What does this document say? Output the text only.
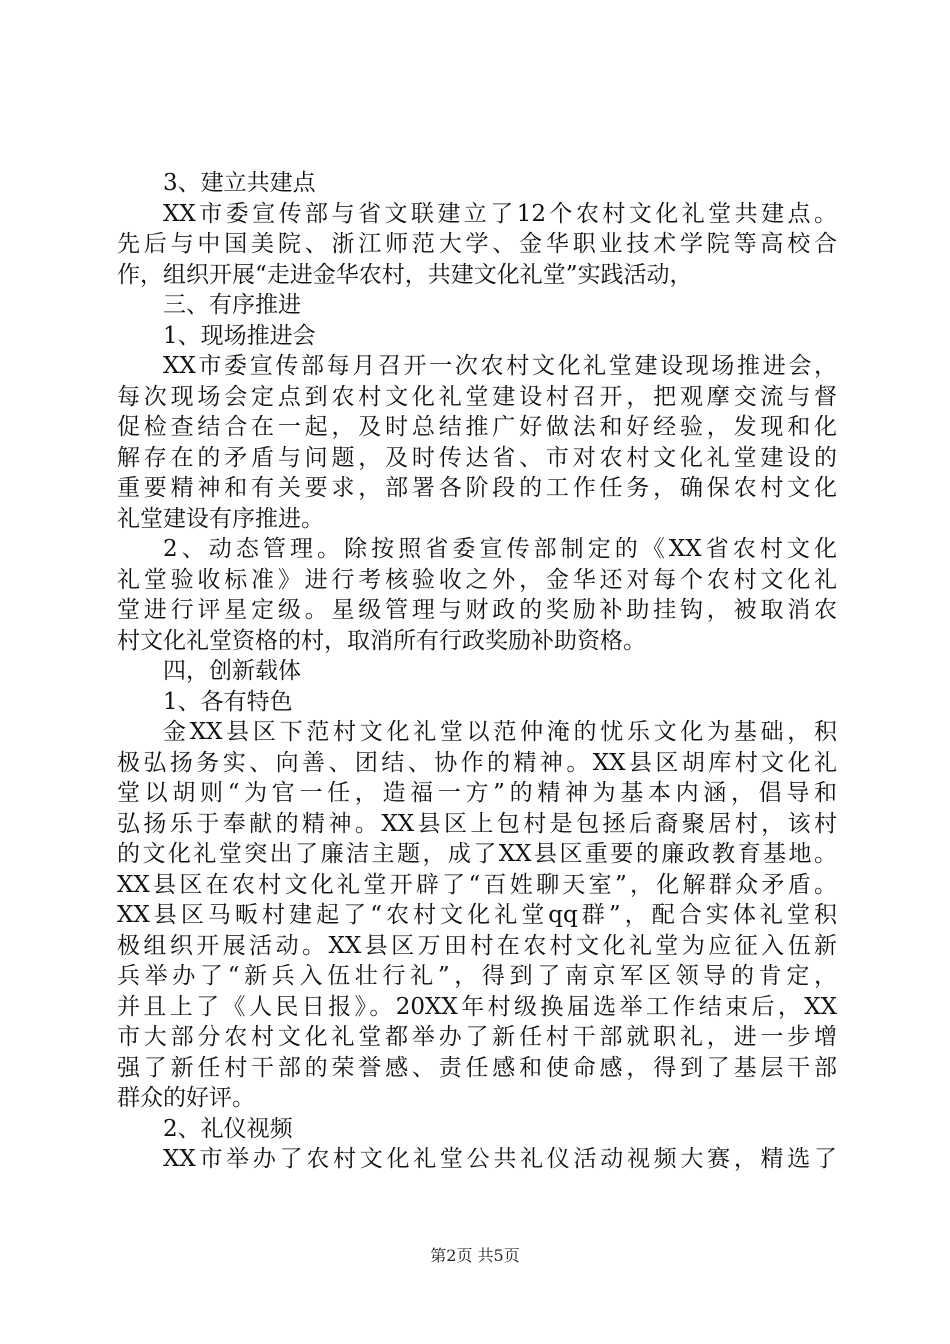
3、建立共建点
XX市委宣传部与省文联建立了12个农村文化礼堂共建点。
先后与中国美院、浙江师范大学、金华职业技术学院等高校合
作，组织开展“走进金华农村，共建文化礼堂”实践活动，
三、有序推进
1、现场推进会
XX市委宣传部每月召开一次农村文化礼堂建设现场推进会，
每次现场会定点到农村文化礼堂建设村召开，把观摩交流与督
促检查结合在一起，及时总结推广好做法和好经验，发现和化
解存在的矛盾与问题，及时传达省、市对农村文化礼堂建设的
重要精神和有关要求，部署各阶段的工作任务，确保农村文化
礼堂建设有序推进。
2、动态管理。除按照省委宣传部制定的《XX省农村文化
礼堂验收标准》进行考核验收之外，金华还对每个农村文化礼
堂进行评星定级。星级管理与财政的奖励补助挂钩，被取消农
村文化礼堂资格的村，取消所有行政奖励补助资格。
四，创新载体
1、各有特色
金XX县区下范村文化礼堂以范仲淹的忧乐文化为基础，积
极弘扬务实、向善、团结、协作的精神。XX县区胡库村文化礼
堂以胡则“为官一任，造福一方”的精神为基本内涵，倡导和
弘扬乐于奉献的精神。XX县区上包村是包拯后裔聚居村，该村
的文化礼堂突出了廉洁主题，成了XX县区重要的廉政教育基地。
XX县区在农村文化礼堂开辟了“百姓聊天室”，化解群众矛盾。
XX县区马畈村建起了“农村文化礼堂qq群”，配合实体礼堂积
极组织开展活动。XX县区万田村在农村文化礼堂为应征入伍新
兵举办了“新兵入伍壮行礼”，得到了南京军区领导的肯定，
并且上了《人民日报》。20XX年村级换届选举工作结束后，XX
市大部分农村文化礼堂都举办了新任村干部就职礼，进一步增
强了新任村干部的荣誉感、责任感和使命感，得到了基层干部
群众的好评。
2、礼仪视频
XX市举办了农村文化礼堂公共礼仪活动视频大赛，精选了
第2页 共5页
